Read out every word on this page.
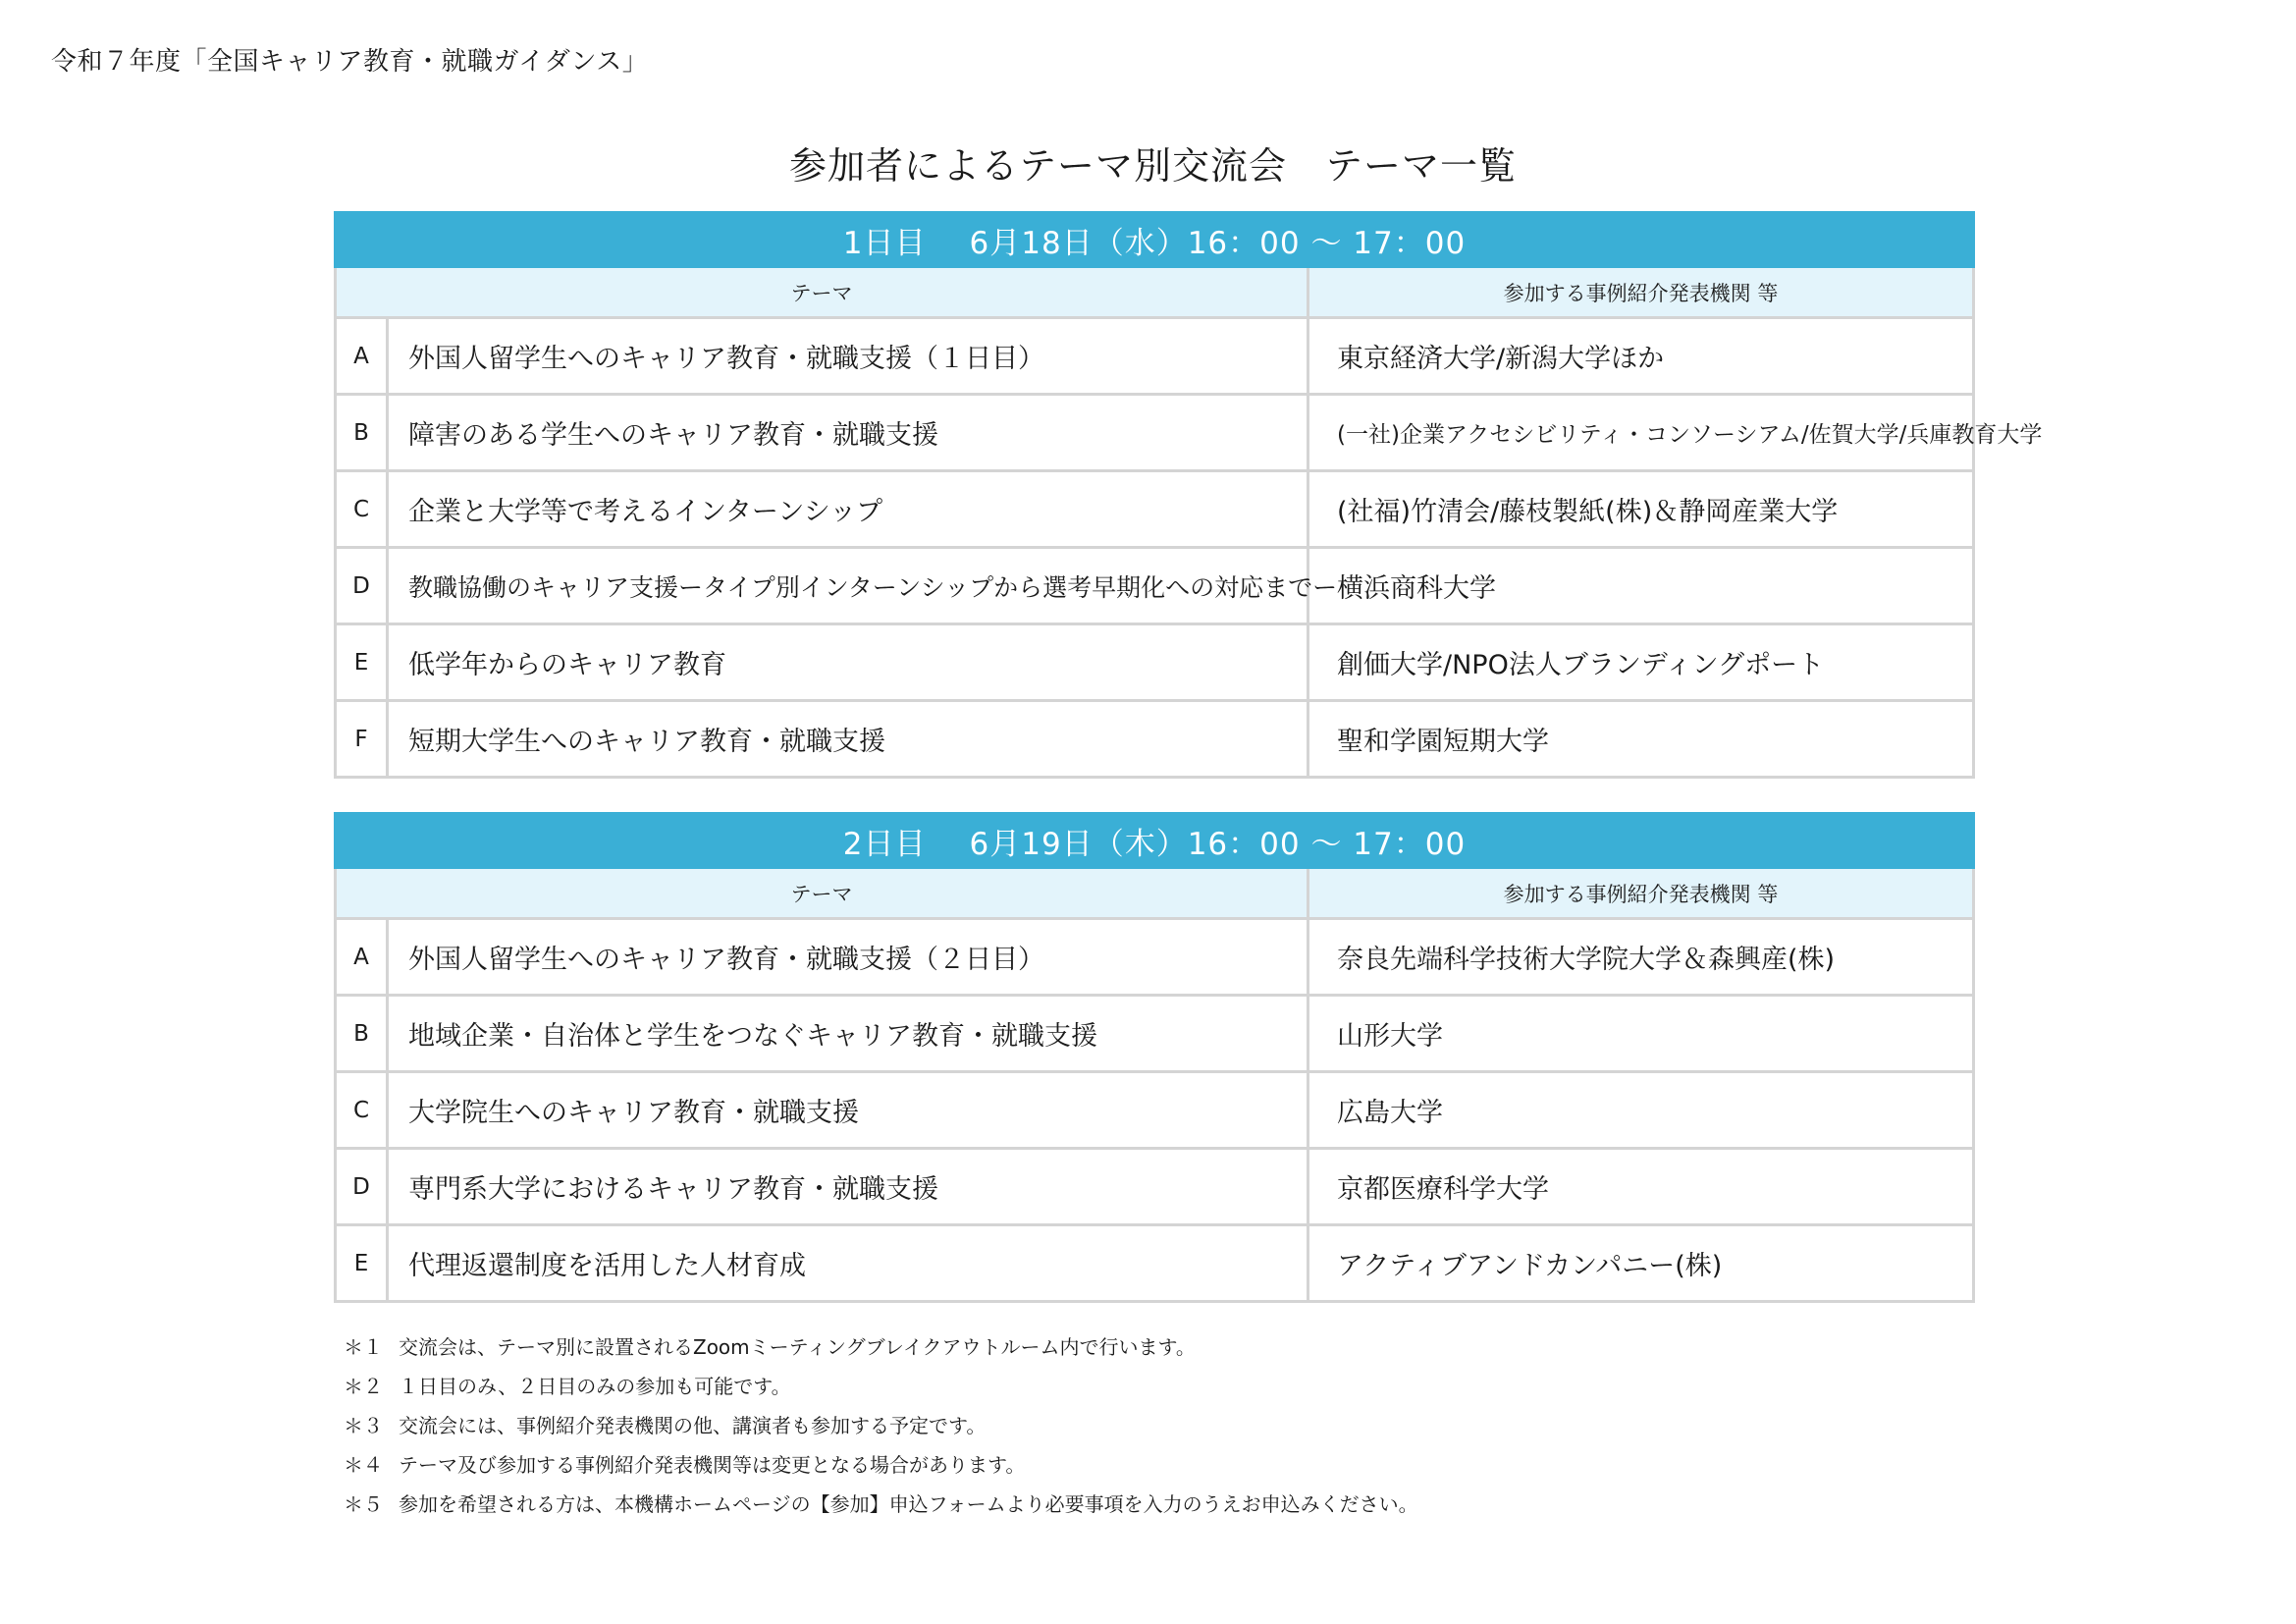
令和７年度「全国キャリア教育・就職ガイダンス」
参加者によるテーマ別交流会　テーマ一覧
1日目 6月18日（水）16：00 ～ 17：00		
テーマ		参加する事例紹介発表機関 等
A	外国人留学生へのキャリア教育・就職支援（１日目）	東京経済大学/新潟大学ほか
B	障害のある学生へのキャリア教育・就職支援	(一社)企業アクセシビリティ・コンソーシアム/佐賀大学/兵庫教育大学
C	企業と大学等で考えるインターンシップ	(社福)竹清会/藤枝製紙(株)＆静岡産業大学
D	教職協働のキャリア支援ータイプ別インターンシップから選考早期化への対応までー	横浜商科大学
E	低学年からのキャリア教育	創価大学/NPO法人ブランディングポート
F	短期大学生へのキャリア教育・就職支援	聖和学園短期大学
2日目 6月19日（木）16：00 ～ 17：00		
テーマ		参加する事例紹介発表機関 等
A	外国人留学生へのキャリア教育・就職支援（２日目）	奈良先端科学技術大学院大学＆森興産(株)
B	地域企業・自治体と学生をつなぐキャリア教育・就職支援	山形大学
C	大学院生へのキャリア教育・就職支援	広島大学
D	専門系大学におけるキャリア教育・就職支援	京都医療科学大学
E	代理返還制度を活用した人材育成	アクティブアンドカンパニー(株)
＊１ 交流会は、テーマ別に設置されるZoomミーティングブレイクアウトルーム内で行います。
＊２ １日目のみ、２日目のみの参加も可能です。
＊３ 交流会には、事例紹介発表機関の他、講演者も参加する予定です。
＊４ テーマ及び参加する事例紹介発表機関等は変更となる場合があります。
＊５ 参加を希望される方は、本機構ホームページの【参加】申込フォームより必要事項を入力のうえお申込みください。
